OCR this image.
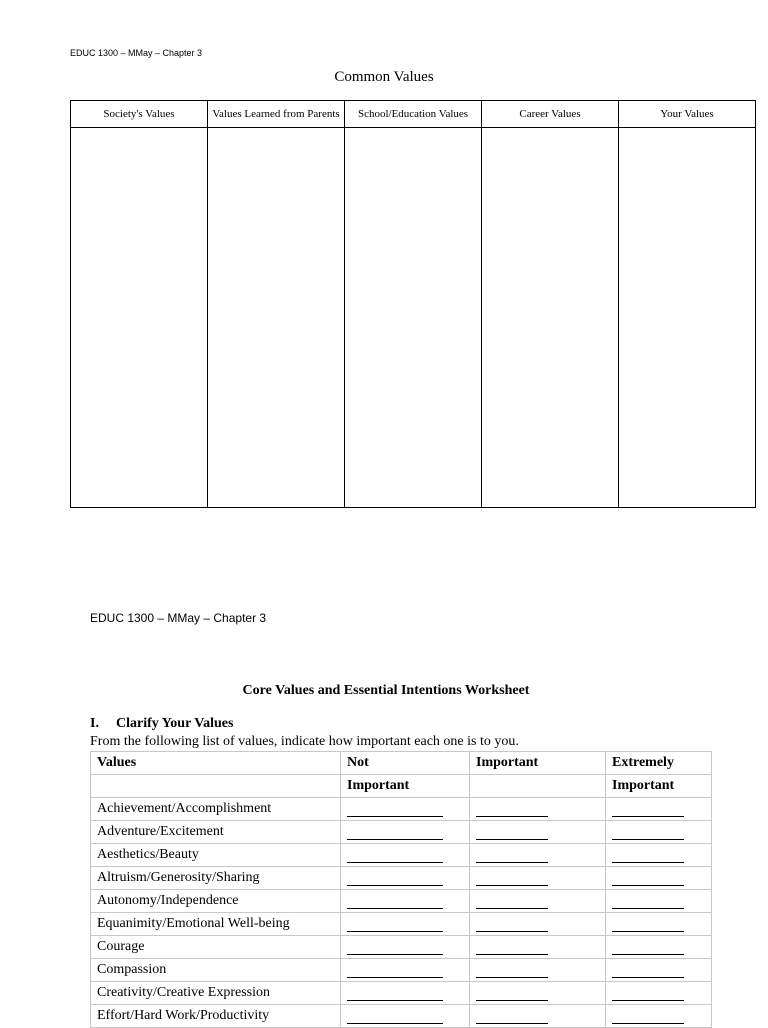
EDUC 1300 – MMay – Chapter 3
Common Values
Society's Values	Values Learned from Parents	School/Education Values	Career Values	Your Values

EDUC 1300 – MMay – Chapter 3
Core Values and Essential Intentions Worksheet
I. Clarify Your Values
From the following list of values, indicate how important each one is to you.
Values	Not	Important	Extremely
	Important		Important
Achievement/Accomplishment			
Adventure/Excitement			
Aesthetics/Beauty			
Altruism/Generosity/Sharing			
Autonomy/Independence			
Equanimity/Emotional Well-being			
Courage			
Compassion			
Creativity/Creative Expression			
Effort/Hard Work/Productivity			
